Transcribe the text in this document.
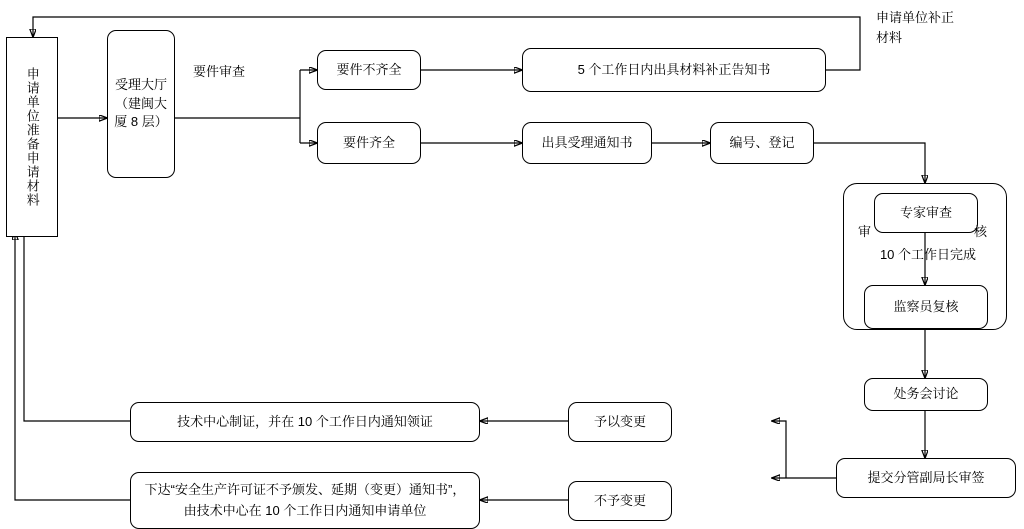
申请单位准备申请材料	受理大厅（建闽大厦 8 层）
要件审查	要件不齐全	5 个工作日内出具材料补正告知书
要件齐全	出具受理通知书	编号、登记
申请单位补正材料
专家审查
审	核
10 个工作日完成
监察员复核
处务会讨论
提交分管副局长审签
予以变更
不予变更
技术中心制证，并在 10 个工作日内通知领证
下达“安全生产许可证不予颁发、延期（变更）通知书”，由技术中心在 10 个工作日内通知申请单位
